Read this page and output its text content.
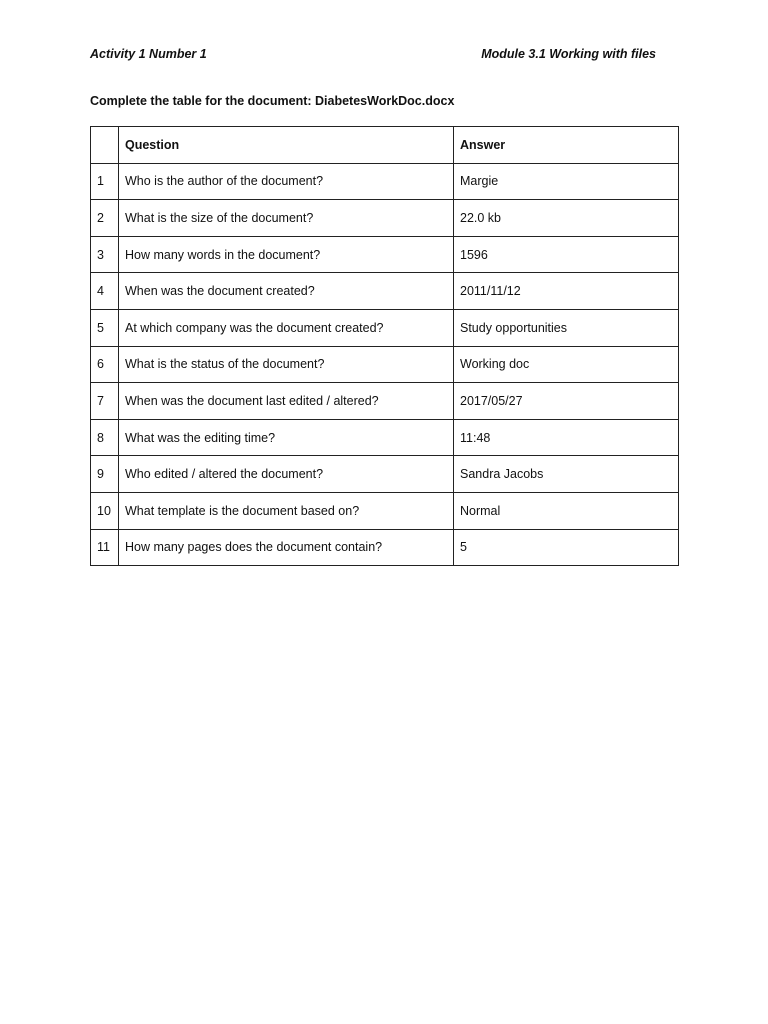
Activity 1 Number 1	Module 3.1 Working with files
Complete the table for the document: DiabetesWorkDoc.docx
	Question	Answer
1	Who is the author of the document?	Margie
2	What is the size of the document?	22.0 kb
3	How many words in the document?	1596
4	When was the document created?	2011/11/12
5	At which company was the document created?	Study opportunities
6	What is the status of the document?	Working doc
7	When was the document last edited / altered?	2017/05/27
8	What was the editing time?	11:48
9	Who edited / altered the document?	Sandra Jacobs
10	What template is the document based on?	Normal
11	How many pages does the document contain?	5
